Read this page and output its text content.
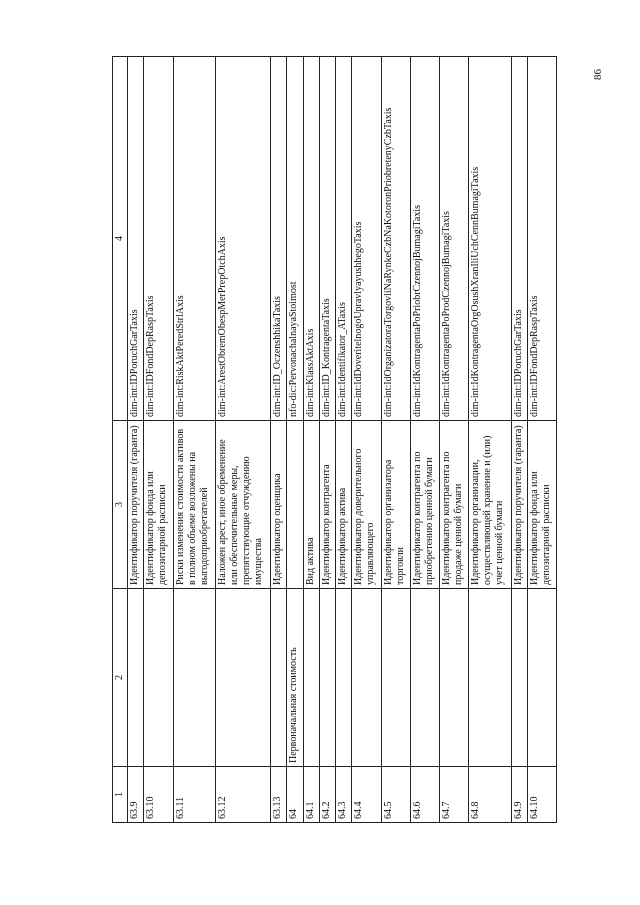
86
1	2	3	4
63.9		Идентификатор поручителя (гаранта)	dim-int:IDPoruchGarTaxis
63.10		Идентификатор фонда или депозитарной расписки	dim-int:IDFondDepRaspTaxis
63.11		Риски изменения стоимости активов в полном объеме возложены на выгодоприобретателей	dim-int:RiskAktPeredStrlAxis
63.12		Наложен арест, иное обременение или обеспечительные меры, препятствующие отчуждению имущества	dim-int:ArestObremObespMerPrepOtchAxis
63.13		Идентификатор оценщика	dim-int:ID_OczenshhikaTaxis
64	Первоначальная стоимость		nfo-dic:PervonachalnayaStoimost
64.1		Вид актива	dim-int:KlassAktAxis
64.2		Идентификатор контрагента	dim-int:ID_KontragentaTaxis
64.3		Идентификатор актива	dim-int:Identifikator_ATaxis
64.4		Идентификатор доверительного управляющего	dim-int:IdDoveritelnogoUpravlyayushhegoTaxis
64.5		Идентификатор организатора торговли	dim-int:IdOrganizatoraTorgovliNaRynkeCzbNaKotoronPriobretenyCzbTaxis
64.6		Идентификатор контрагента по приобретению ценной бумаги	dim-int:IdKontragentaPoPriobrCzennojBumagiTaxis
64.7		Идентификатор контрагента по продаже ценной бумаги	dim-int:IdKontragentaPoProdCzennojBumagiTaxis
64.8		Идентификатор организации, осуществляющей хранение и (или) учет ценной бумаги	dim-int:IdKontragentaOrgOsushXranIliUchCennBumagiTaxis
64.9		Идентификатор поручителя (гаранта)	dim-int:IDPoruchGarTaxis
64.10		Идентификатор фонда или депозитарной расписки	dim-int:IDFondDepRaspTaxis
